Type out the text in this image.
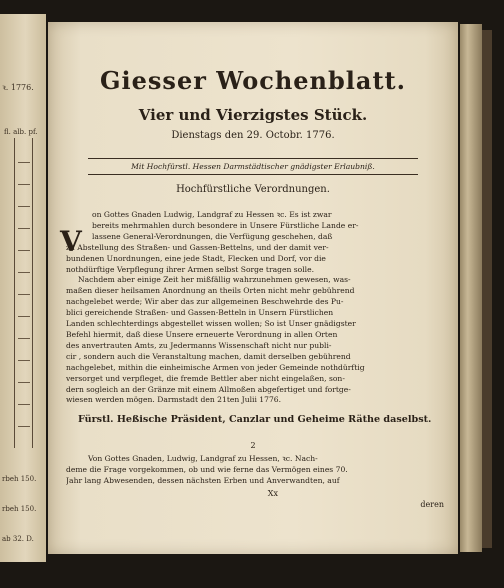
ꝛ. 1776.
fl. alb. pf.

rbeh 150.

rbeh 150.

ab 32. D.

Giesser Wochenblatt.
Vier und Vierzigstes Stück.
Dienstags den 29. Octobr. 1776.
Mit Hochfürstl. Hessen Darmstädtischer gnädigster Erlaubniß.
Hochfürstliche Verordnungen.
V
on Gottes Gnaden Ludwig, Landgraf zu Hessen ꝛc. Es ist zwar
bereits mehrmahlen durch besondere in Unsere Fürstliche Lande er-
lassene General-Verordnungen, die Verfügung geschehen, daß
zu Abstellung des Straßen- und Gassen-Bettelns, und der damit ver-
bundenen Unordnungen, eine jede Stadt, Flecken und Dorf, vor die
nothdürftige Verpflegung ihrer Armen selbst Sorge tragen solle.
Nachdem aber einige Zeit her mißfällig wahrzunehmen gewesen, was-
maßen dieser heilsamen Anordnung an theils Orten nicht mehr gebührend
nachgelebet werde; Wir aber das zur allgemeinen Beschwehrde des Pu-
blici gereichende Straßen- und Gassen-Betteln in Unsern Fürstlichen
Landen schlechterdings abgestellet wissen wollen; So ist Unser gnädigster
Befehl hiermit, daß diese Unsere erneuerte Verordnung in allen Orten
des anvertrauten Amts, zu Jedermanns Wissenschaft nicht nur publi-
cir , sondern auch die Veranstaltung machen, damit derselben gebührend
nachgelebet, mithin die einheimische Armen von jeder Gemeinde nothdürftig
versorget und verpfleget, die fremde Bettler aber nicht eingelaßen, son-
dern sogleich an der Gränze mit einem Allmoßen abgefertiget und fortge-
wiesen werden mögen. Darmstadt den 21ten Julii 1776.
Fürstl. Heßische Präsident, Canzlar und Geheime Räthe daselbst.
2
Von Gottes Gnaden, Ludwig, Landgraf zu Hessen, ꝛc. Nach-
deme die Frage vorgekommen, ob und wie ferne das Vermögen eines 70.
Jahr lang Abwesenden, dessen nächsten Erben und Anverwandten, auf
Xx
deren
